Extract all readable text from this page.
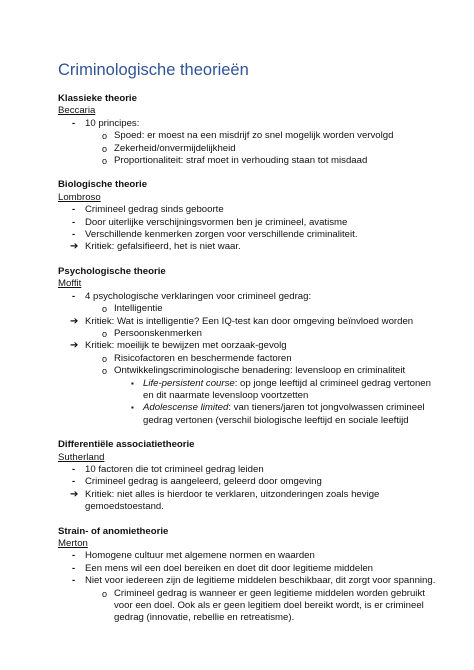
Criminologische theorieën
Klassieke theorie
Beccaria
- 10 principes:
o Spoed: er moest na een misdrijf zo snel mogelijk worden vervolgd
o Zekerheid/onvermijdelijkheid
o Proportionaliteit: straf moet in verhouding staan tot misdaad
Biologische theorie
Lombroso
- Crimineel gedrag sinds geboorte
- Door uiterlijke verschijningsvormen ben je crimineel, avatisme
- Verschillende kenmerken zorgen voor verschillende criminaliteit.
➔ Kritiek: gefalsifieerd, het is niet waar.
Psychologische theorie
Moffit
- 4 psychologische verklaringen voor crimineel gedrag:
o Intelligentie
➔ Kritiek: Wat is intelligentie? Een IQ-test kan door omgeving beïnvloed worden
o Persoonskenmerken
➔ Kritiek: moeilijk te bewijzen met oorzaak-gevolg
o Risicofactoren en beschermende factoren
o Ontwikkelingscriminologische benadering: levensloop en criminaliteit
▪ Life-persistent course: op jonge leeftijd al crimineel gedrag vertonen en dit naarmate levensloop voortzetten
▪ Adolescense limited: van tieners/jaren tot jongvolwassen crimineel gedrag vertonen (verschil biologische leeftijd en sociale leeftijd
Differentiële associatietheorie
Sutherland
- 10 factoren die tot crimineel gedrag leiden
- Crimineel gedrag is aangeleerd, geleerd door omgeving
➔ Kritiek: niet alles is hierdoor te verklaren, uitzonderingen zoals hevige gemoedstoestand.
Strain- of anomietheorie
Merton
- Homogene cultuur met algemene normen en waarden
- Een mens wil een doel bereiken en doet dit door legitieme middelen
- Niet voor iedereen zijn de legitieme middelen beschikbaar, dit zorgt voor spanning.
o Crimineel gedrag is wanneer er geen legitieme middelen worden gebruikt voor een doel. Ook als er geen legitiem doel bereikt wordt, is er crimineel gedrag (innovatie, rebellie en retreatisme).
